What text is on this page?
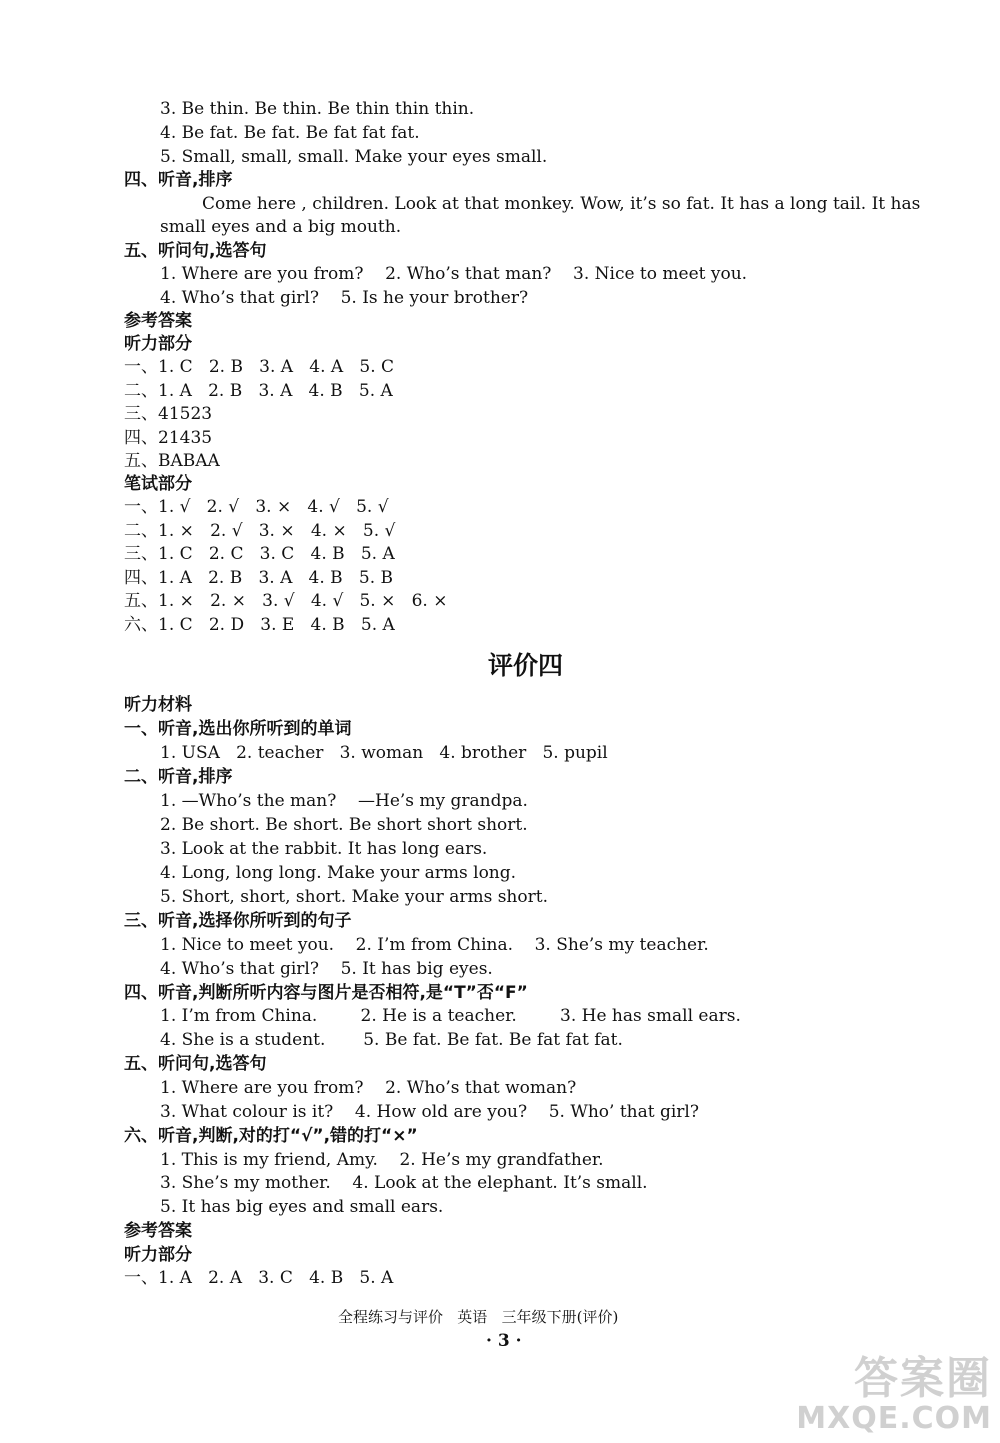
3. Be thin. Be thin. Be thin thin thin.
4. Be fat. Be fat. Be fat fat fat.
5. Small, small, small. Make your eyes small.
四、听音,排序
Come here , children. Look at that monkey. Wow, it’s so fat. It has a long tail. It has
small eyes and a big mouth.
五、听问句,选答句
1. Where are you from?    2. Who’s that man?    3. Nice to meet you.
4. Who’s that girl?    5. Is he your brother?
参考答案
听力部分
一、1. C   2. B   3. A   4. A   5. C
二、1. A   2. B   3. A   4. B   5. A
三、41523
四、21435
五、BABAA
笔试部分
一、1. √   2. √   3. ×   4. √   5. √
二、1. ×   2. √   3. ×   4. ×   5. √
三、1. C   2. C   3. C   4. B   5. A
四、1. A   2. B   3. A   4. B   5. B
五、1. ×   2. ×   3. √   4. √   5. ×   6. ×
六、1. C   2. D   3. E   4. B   5. A
听力材料
一、听音,选出你所听到的单词
1. USA   2. teacher   3. woman   4. brother   5. pupil
二、听音,排序
1. —Who’s the man?    —He’s my grandpa.
2. Be short. Be short. Be short short short.
3. Look at the rabbit. It has long ears.
4. Long, long long. Make your arms long.
5. Short, short, short. Make your arms short.
三、听音,选择你所听到的句子
1. Nice to meet you.    2. I’m from China.    3. She’s my teacher.
4. Who’s that girl?    5. It has big eyes.
四、听音,判断所听内容与图片是否相符,是“T”否“F”
1. I’m from China.        2. He is a teacher.        3. He has small ears.
4. She is a student.       5. Be fat. Be fat. Be fat fat fat.
五、听问句,选答句
1. Where are you from?    2. Who’s that woman?
3. What colour is it?    4. How old are you?    5. Who’ that girl?
六、听音,判断,对的打“√”,错的打“×”
1. This is my friend, Amy.    2. He’s my grandfather.
3. She’s my mother.    4. Look at the elephant. It’s small.
5. It has big eyes and small ears.
参考答案
听力部分
一、1. A   2. A   3. C   4. B   5. A
评价四
全程练习与评价   英语   三年级下册(评价)
· 3 ·
答案圈
MXQE.COM
